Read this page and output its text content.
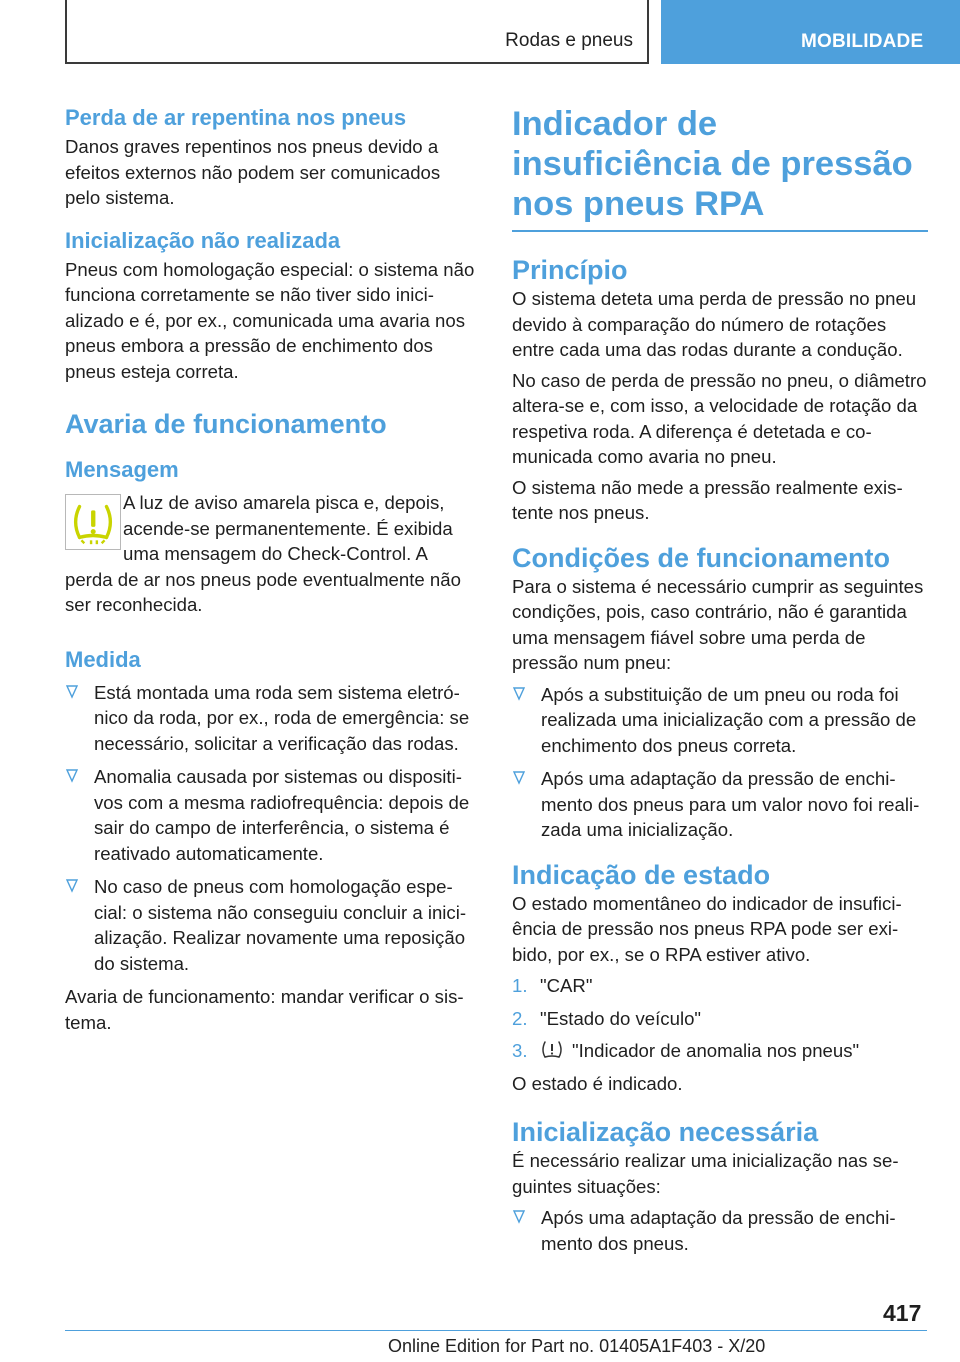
Rodas e pneus	MOBILIDADE
Perda de ar repentina nos pneus

Danos graves repentinos nos pneus devido a efeitos externos não podem ser comunicados pelo sistema.

Inicialização não realizada

Pneus com homologação especial: o sistema não funciona corretamente se não tiver sido inicializado e é, por ex., comunicada uma avaria nos pneus embora a pressão de enchimento dos pneus esteja correta.

Avaria de funcionamento
Mensagem

A luz de aviso amarela pisca e, depois, acende-se permanentemente. É exibida uma mensagem do Check-Control. A perda de ar nos pneus pode eventualmente não ser reconhecida.

Medida
Está montada uma roda sem sistema eletrónico da roda, por ex., roda de emergência: se necessário, solicitar a verificação das rodas.
Anomalia causada por sistemas ou dispositivos com a mesma radiofrequência: depois de sair do campo de interferência, o sistema é reativado automaticamente.
No caso de pneus com homologação especial: o sistema não conseguiu concluir a inicialização. Realizar novamente uma reposição do sistema.

Avaria de funcionamento: mandar verificar o sistema.

Indicador de insuficiência de pressão nos pneus RPA
Princípio

O sistema deteta uma perda de pressão no pneu devido à comparação do número de rotações entre cada uma das rodas durante a condução.

No caso de perda de pressão no pneu, o diâmetro altera-se e, com isso, a velocidade de rotação da respetiva roda. A diferença é detetada e comunicada como avaria no pneu.

O sistema não mede a pressão realmente existente nos pneus.

Condições de funcionamento

Para o sistema é necessário cumprir as seguintes condições, pois, caso contrário, não é garantida uma mensagem fiável sobre uma perda de pressão num pneu:

Após a substituição de um pneu ou roda foi realizada uma inicialização com a pressão de enchimento dos pneus correta.
Após uma adaptação da pressão de enchimento dos pneus para um valor novo foi realizada uma inicialização.
Indicação de estado

O estado momentâneo do indicador de insuficiência de pressão nos pneus RPA pode ser exibido, por ex., se o RPA estiver ativo.

1. "CAR"
2. "Estado do veículo"
3. "Indicador de anomalia nos pneus"

O estado é indicado.

Inicialização necessária

É necessário realizar uma inicialização nas seguintes situações:

Após uma adaptação da pressão de enchimento dos pneus.
417
Online Edition for Part no. 01405A1F403 - X/20
